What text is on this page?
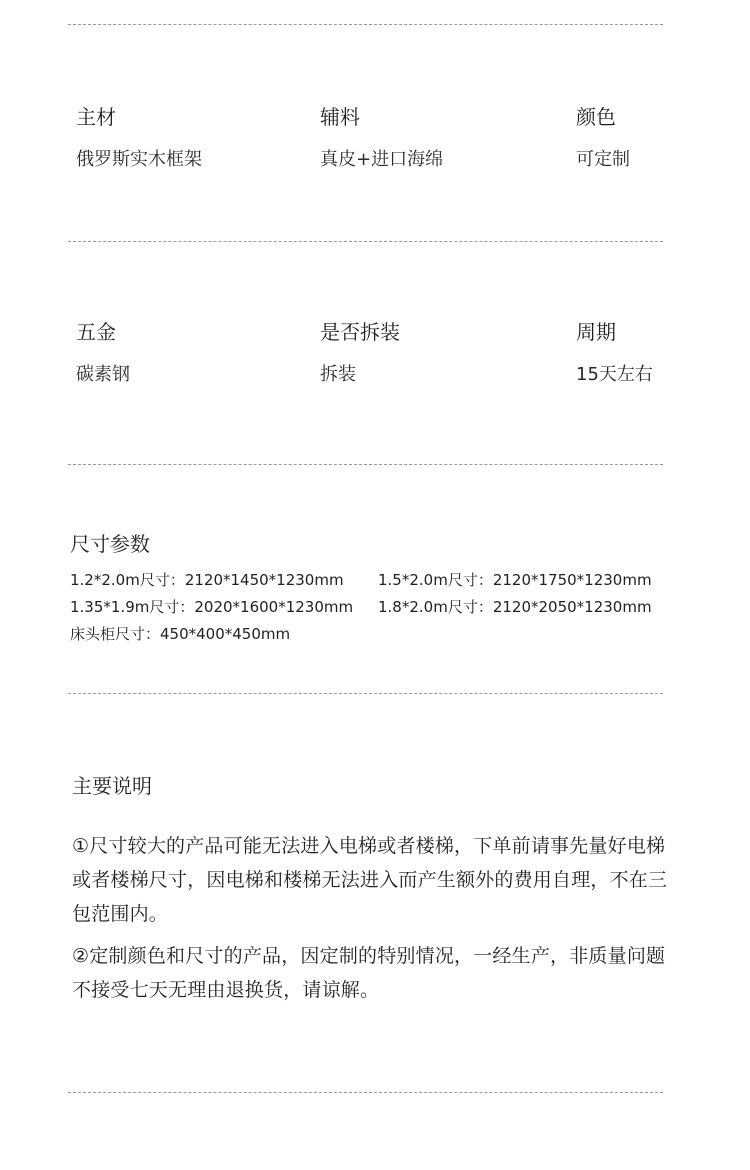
主材
俄罗斯实木框架
辅料
真皮+进口海绵
颜色
可定制
五金
碳素钢
是否拆装
拆装
周期
15天左右
尺寸参数
1.2*2.0m尺寸：2120*1450*1230mm	1.5*2.0m尺寸：2120*1750*1230mm
1.35*1.9m尺寸：2020*1600*1230mm	1.8*2.0m尺寸：2120*2050*1230mm
床头柜尺寸：450*400*450mm
主要说明
①尺寸较大的产品可能无法进入电梯或者楼梯，下单前请事先量好电梯或者楼梯尺寸，因电梯和楼梯无法进入而产生额外的费用自理，不在三包范围内。
②定制颜色和尺寸的产品，因定制的特别情况，一经生产，非质量问题不接受七天无理由退换货，请谅解。
